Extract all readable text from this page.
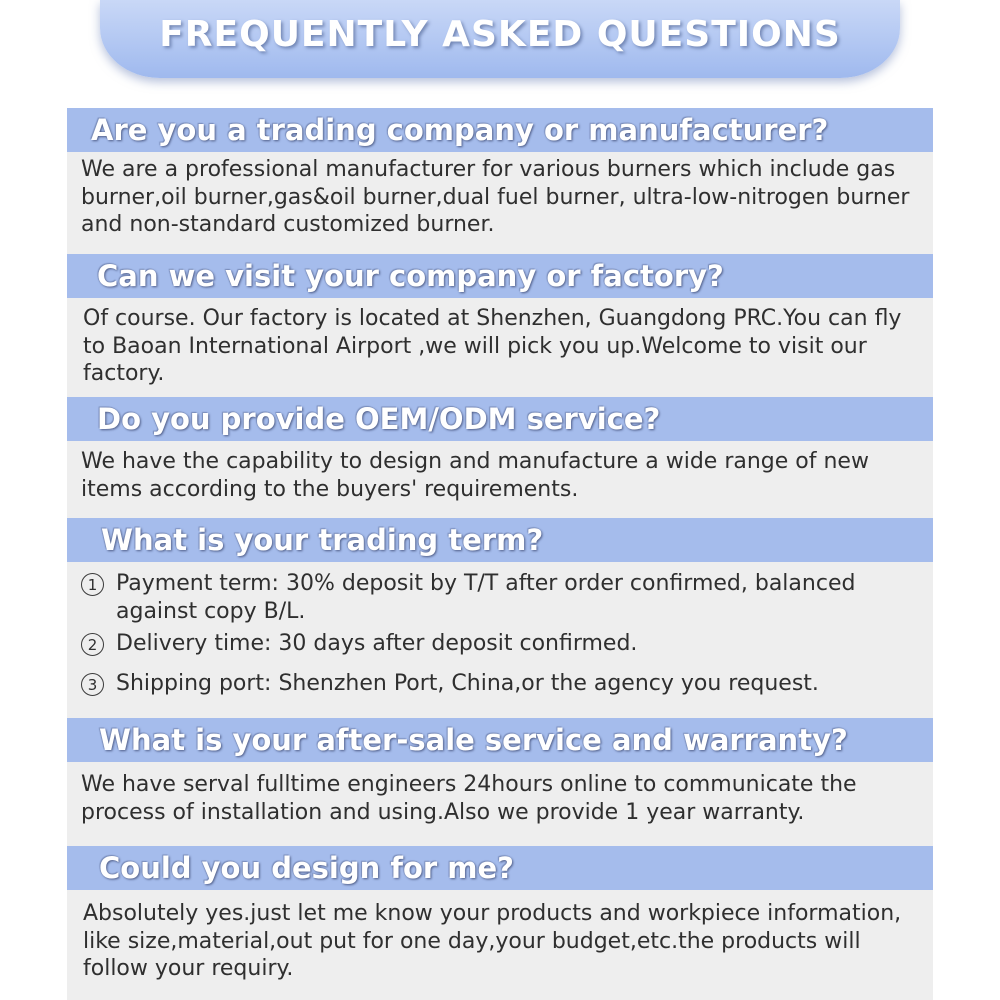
FREQUENTLY ASKED QUESTIONS
Are you a trading company or manufacturer?

We are a professional manufacturer for various burners which include gas burner,oil burner,gas&oil burner,dual fuel burner, ultra-low-nitrogen burner and non-standard customized burner.

Can we visit your company or factory?

Of course. Our factory is located at Shenzhen, Guangdong PRC.You can fly to Baoan International Airport ,we will pick you up.Welcome to visit our factory.

Do you provide OEM/ODM service?

We have the capability to design and manufacture a wide range of new items according to the buyers' requirements.

What is your trading term?
1 Payment term: 30% deposit by T/T after order confirmed, balanced against copy B/L.
2 Delivery time: 30 days after deposit confirmed.
3 Shipping port: Shenzhen Port, China,or the agency you request.
What is your after-sale service and warranty?

We have serval fulltime engineers 24hours online to communicate the process of installation and using.Also we provide 1 year warranty.

Could you design for me?

Absolutely yes.just let me know your products and workpiece information, like size,material,out put for one day,your budget,etc.the products will follow your requiry.
